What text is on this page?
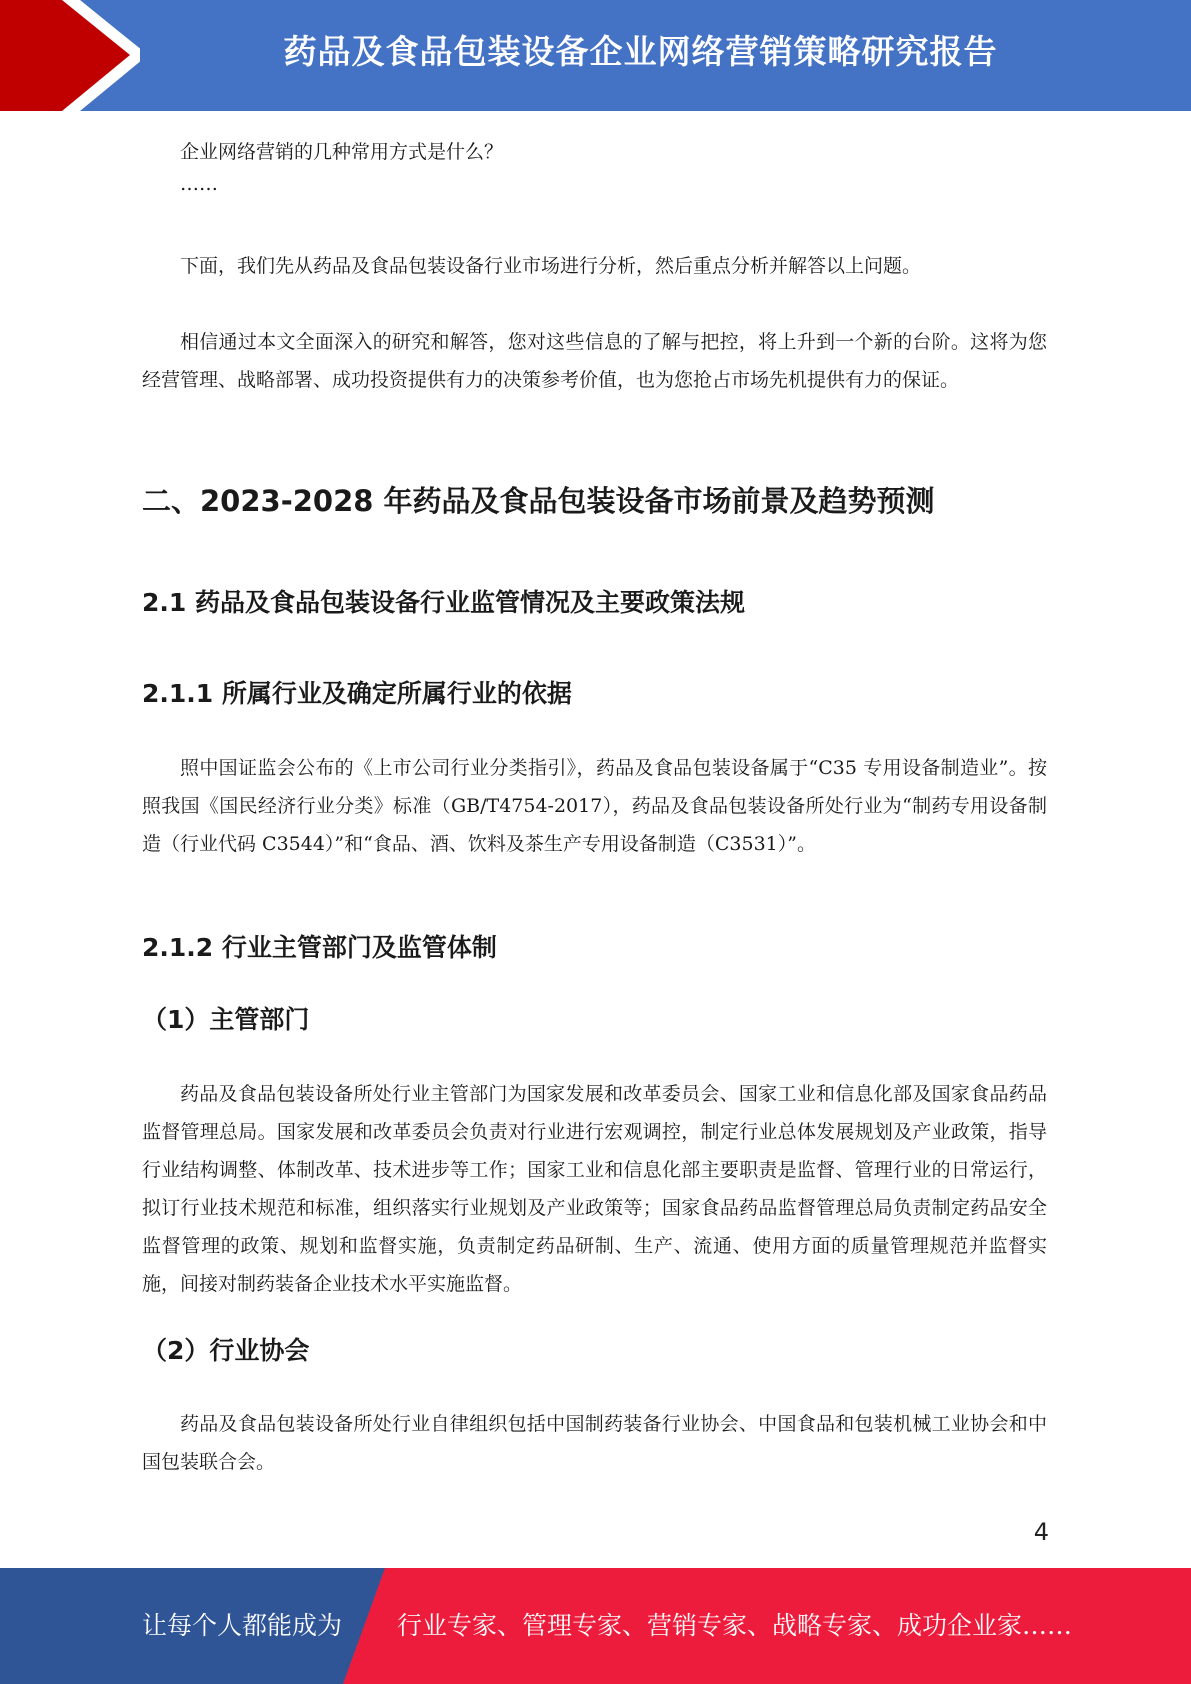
药品及食品包装设备企业网络营销策略研究报告

企业网络营销的几种常用方式是什么？

……

下面，我们先从药品及食品包装设备行业市场进行分析，然后重点分析并解答以上问题。

相信通过本文全面深入的研究和解答，您对这些信息的了解与把控，将上升到一个新的台阶。这将为您经营管理、战略部署、成功投资提供有力的决策参考价值，也为您抢占市场先机提供有力的保证。

二、2023-2028 年药品及食品包装设备市场前景及趋势预测
2.1 药品及食品包装设备行业监管情况及主要政策法规
2.1.1 所属行业及确定所属行业的依据

照中国证监会公布的《上市公司行业分类指引》，药品及食品包装设备属于“C35 专用设备制造业”。按照我国《国民经济行业分类》标准（GB/T4754-2017），药品及食品包装设备所处行业为“制药专用设备制造（行业代码 C3544）”和“食品、酒、饮料及茶生产专用设备制造（C3531）”。

2.1.2 行业主管部门及监管体制
（1）主管部门

药品及食品包装设备所处行业主管部门为国家发展和改革委员会、国家工业和信息化部及国家食品药品监督管理总局。国家发展和改革委员会负责对行业进行宏观调控，制定行业总体发展规划及产业政策，指导行业结构调整、体制改革、技术进步等工作；国家工业和信息化部主要职责是监督、管理行业的日常运行，拟订行业技术规范和标准，组织落实行业规划及产业政策等；国家食品药品监督管理总局负责制定药品安全监督管理的政策、规划和监督实施，负责制定药品研制、生产、流通、使用方面的质量管理规范并监督实施，间接对制药装备企业技术水平实施监督。

（2）行业协会

药品及食品包装设备所处行业自律组织包括中国制药装备行业协会、中国食品和包装机械工业协会和中国包装联合会。

4
让每个人都能成为 行业专家、管理专家、营销专家、战略专家、成功企业家……
